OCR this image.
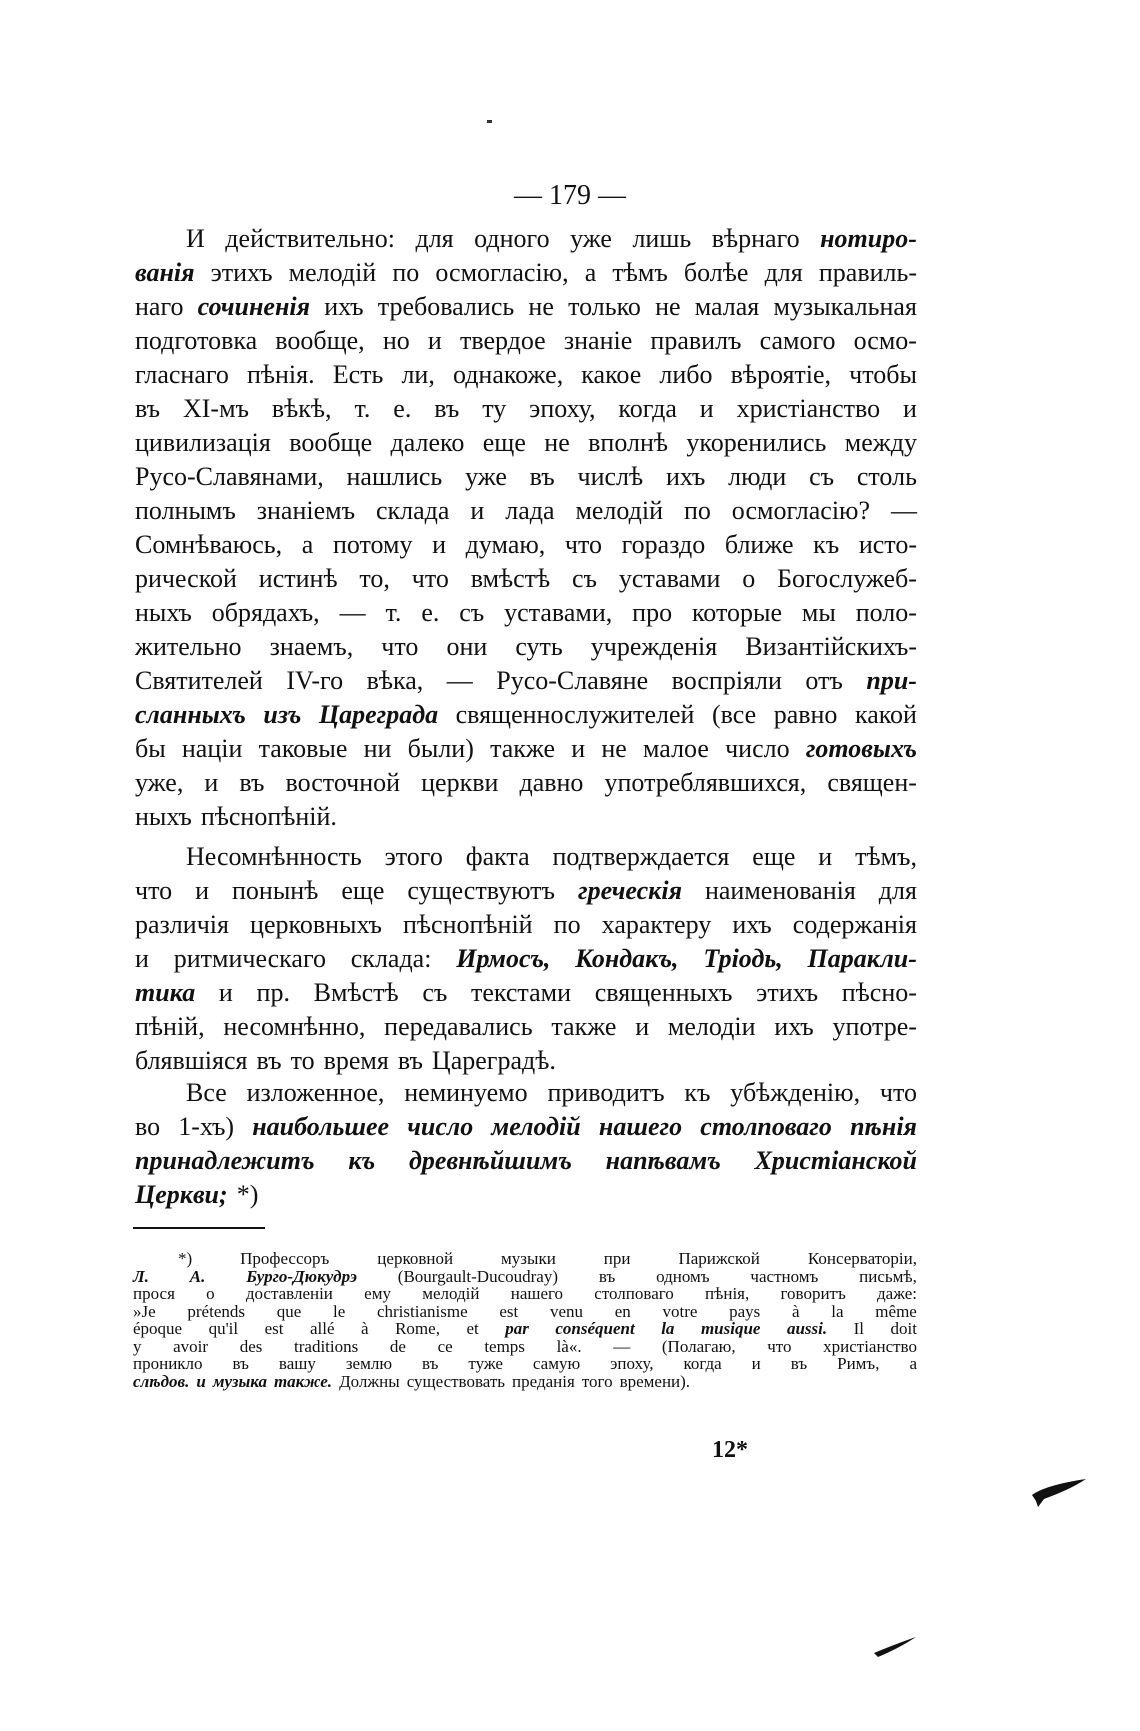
— 179 —
И действительно: для одного уже лишь вѣрнаго нотиро-
ванія этихъ мелодій по осмогласію, а тѣмъ болѣе для правиль-
наго сочиненія ихъ требовались не только не малая музыкальная
подготовка вообще, но и твердое знаніе правилъ самого осмо-
гласнаго пѣнія. Есть ли, однакоже, какое либо вѣроятіе, чтобы
въ XI-мъ вѣкѣ, т. е. въ ту эпоху, когда и христіанство и
цивилизація вообще далеко еще не вполнѣ укоренились между
Русо-Славянами, нашлись уже въ числѣ ихъ люди съ столь
полнымъ знаніемъ склада и лада мелодій по осмогласію? —
Сомнѣваюсь, а потому и думаю, что гораздо ближе къ исто-
рической истинѣ то, что вмѣстѣ съ уставами о Богослужеб-
ныхъ обрядахъ, — т. е. съ уставами, про которые мы поло-
жительно знаемъ, что они суть учрежденія Византійскихъ-
Святителей IV-го вѣка, — Русо-Славяне воспріяли отъ при-
сланныхъ изъ Цареграда священнослужителей (все равно какой
бы націи таковые ни были) также и не малое число готовыхъ
уже, и въ восточной церкви давно употреблявшихся, священ-
ныхъ пѣснопѣній.
Несомнѣнность этого факта подтверждается еще и тѣмъ,
что и понынѣ еще существуютъ греческія наименованія для
различія церковныхъ пѣснопѣній по характеру ихъ содержанія
и ритмическаго склада: Ирмосъ, Кондакъ, Тріодь, Паракли-
тика и пр. Вмѣстѣ съ текстами священныхъ этихъ пѣсно-
пѣній, несомнѣнно, передавались также и мелодіи ихъ употре-
блявшіяся въ то время въ Цареградѣ.
Все изложенное, неминуемо приводитъ къ убѣжденію, что
во 1-хъ) наибольшее число мелодій нашего столповаго пѣнія
принадлежитъ къ древнѣйшимъ напѣвамъ Христіанской
Церкви; *)
*)	Профессоръ	церковной	музыки	при	Парижской	Консерваторіи,
Л. А. Бурго-Дюкудрэ (Bourgault-Ducoudray) въ одномъ частномъ письмѣ,
прося о доставленіи ему мелодій нашего столповаго пѣнія, говоритъ даже:
»Je prétends que le christianisme est venu en votre pays à la même
époque qu'il est allé à Rome, et par conséquent la musique aussi. Il doit
y avoir des traditions de ce temps là«. — (Полагаю, что христіанство
проникло въ вашу землю въ туже самую эпоху, когда и въ Римъ, а
слѣдов. и музыка также. Должны существовать преданія того времени).
12*
